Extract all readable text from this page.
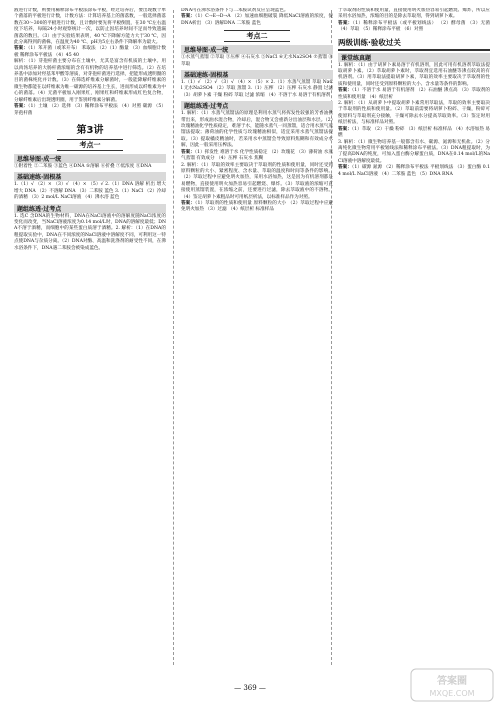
液进行计数，则要用稀释涂布平板法涂布平板，经过培养后，要出现数个单个菌落的平板进行计数，计数方法：计算培养基上的菌落数，一般选择菌落数在30～300的平板进行计数，且计数时要先将平板倒置，在30 ℃左右温度下培养，每隔24小时观察统计一次，以防止因培养时间不足而导致遗漏菌落的数目。（3）由于实验结果表明，40 ℃下降解方能力大于30 ℃，因此分离得到的菌株，在温度为40 ℃、pH为5左右条件下降解率为最大。

答案：（1）苯开菌（或苯开布） 苯取法 （2）（1）酶量 （3）血细胞计数板 稀释涂布平板法 （4）45 40

解析：（1）芽孢杆菌主要分布在土壤中，尤其是富含有机质的土壤中。用以肉汤培养的大肠杆菌浓缩的含有有机物的培养基中进行筛选。（2）在培养基中添加对羟基苯甲酸等溶质，对芽孢杆菌进行选择，把能形成透明圈的目的菌株纯化并计数。（3）在筛选纤维素分解菌时，一般能降解纤维素的微生物都能在以纤维素为唯一碳源的培养基上生长，进而形成以纤维素为中心的菌落。（4）无菌平板加入刚果红，刚果红和纤维素形成红色复合物，分解纤维素后出现透明圈，用于鉴别纤维素分解菌。

答案：（1）土壤 （2）选择 （3）稀释涂布平板法 （4）对照 碳源 （5）芽孢杆菌

第3讲
考点一
思维导图·成一统

①附着性 ②二苯胺 ③蓝色 ④DNA ⑤溶解 ⑥折叠 ⑦低浓度 ⑧DNA

基础速练·固根基

1.（1）√ （2）× （3）√ （4）× （5）√ 2.（1）DNA 溶解 析出 增大 增大 DNA （2）不溶解 DNA （3）二苯胺 蓝色 3.（1）NaCl （2）冷却的酒精 （3）2 mol/L NaCl溶液 （4）沸水浴 蓝色

题组练透·过考点

1. 选C 含DNA的生物材料，DNA在NaCl溶液中的溶解度随NaCl浓度的变化而改变，当NaCl溶液浓度为0.14 mol/L时，DNA的溶解度最低；DNA不溶于酒精，而细胞中的某些蛋白质溶于酒精。2. 解析：（1）在DNA的粗提取实验中，DNA在不同浓度的NaCl溶液中溶解度不同，可利用这一特点使DNA与杂质分离。（2）DNA对酶、高温和洗涤剂的耐受性不同，在沸水浴条件下，DNA遇二苯胺会被染成蓝色。

DNA可在沸水浴条件下与二苯胺试剂反应呈现蓝色。

答案：（1）C→E→D→A （2）加速血细胞破裂 降低NaCl溶液的浓度，使DNA析出 （3）溶解DNA 二苯胺 蓝色

考点二
思维导图·成一统

①水蒸气蒸馏 ②萃取 ③压榨 ④石灰水 ⑤NaCl ⑥无水Na2SO4 ⑦蒸馏 ⑧萃取

基础速练·固根基

1.（1）√ （2）√ （3）√ （4）× （5）× 2.（1）水蒸气蒸馏 萃取 NaCl 无水Na2SO4 （2）萃取 蒸馏 3.（1）压榨 （2）压榨 石灰水 静置 过滤 （3）胡萝卜素 干燥 粉碎 萃取 过滤 浓缩 （4）不溶于水 易溶于有机溶剂

题组练透·过考点

1. 解析：（1）水蒸气蒸馏法的原理是利用水蒸气将挥发性较强的芳香油携带出来，形成油水混合物，冷却后，混合物又会重新分出油层和水层。（2）玫瑰精油化学性质稳定，难溶于水，能随水蒸气一同蒸馏，适合用水蒸气蒸馏法提取；薄荷油的化学性质与玫瑰精油相似，适宜采用水蒸气蒸馏法提取。（3）提取橘皮精油时，若采用水中蒸馏会导致原料焦糊和有效成分水解，因此一般采用压榨法。

答案：（1）挥发性 难溶于水 化学性质稳定 （2）玫瑰花 （3）薄荷油 水蒸气蒸馏 有效成分 （4）压榨 石灰水 焦糊

2. 解析：（1）萃取的效率主要取决于萃取剂的性质和使用量，同时还受到原料颗粒的大小、紧密程度、含水量、萃取的温度和时间等条件的影响。（2）萃取过程中应避免明火加热，采用水浴加热，这是因为有机溶剂都是易燃物，直接使用明火加热容易引起燃烧、爆炸。（3）萃取液的浓缩可直接使用蒸馏装置，在浓缩之前，还要进行过滤，除去萃取液中的不溶物。（4）鉴定胡萝卜素粗品时可用纸层析法，以标准样品作为对照。

答案：（1）萃取剂的性质和使用量 原料颗粒的大小 （2）萃取过程中应避免明火加热 （3）过滤 （4）纸层析 标准样品

于萃取剂的性质和使用量，直接使用明火加热容易引起燃烧、爆炸，所以应采用水浴加热，浓缩的目的是除去萃取剂，得到胡萝卜素。

答案：（1）稀释涂布平板法（或平板划线法） （2）酵母菌 （3）无菌 （4）萃取 （5）稀释涂布平板 （6）对照

两级训练·验收过关
课堂练真题

1. 解析：（1）由于胡萝卜素易溶于有机溶剂，因此可用有机溶剂萃取法提取胡萝卜素。（2）萃取胡萝卜素时，萃取剂宜选用石油醚等沸点较高的有机溶剂。（3）用萃取法提取胡萝卜素，萃取的效率主要取决于萃取剂的性质和使用量，同时还受到原料颗粒的大小、含水量等条件的影响。

答案：（1）不溶于水 易溶于有机溶剂 （2）石油醚 沸点高 （3）萃取剂的性质和使用量 （4）纸层析

2. 解析：（1）从胡萝卜中提取胡萝卜素常用萃取法，萃取的效率主要取决于萃取剂的性质和使用量。（2）萃取前需要将胡萝卜粉碎、干燥，粉碎可使原料与萃取剂充分接触，干燥可除去水分提高萃取效率。（3）鉴定时用纸层析法，与标准样品对照。

答案：（1）萃取 （2）干燥 粉碎 （3）纸层析 标准样品 （4）水浴加热 易燃

3. 解析：（1）微生物培养基一般都含有水、碳源、氮源和无机盐。（2）分离纯化微生物常用平板划线法和稀释涂布平板法。（3）DNA粗提取时，为了提高DNA的纯度，可加入蛋白酶分解蛋白质，DNA在0.14 mol/L的NaCl溶液中溶解度最低。

答案：（1）碳源 氮源 （2）稀释涂布平板法 平板划线法 （3）蛋白酶 0.14 mol/L NaCl溶液 （4）二苯胺 蓝色 （5）DNA RNA

— 369 —
答案圈
MXQE.COM
